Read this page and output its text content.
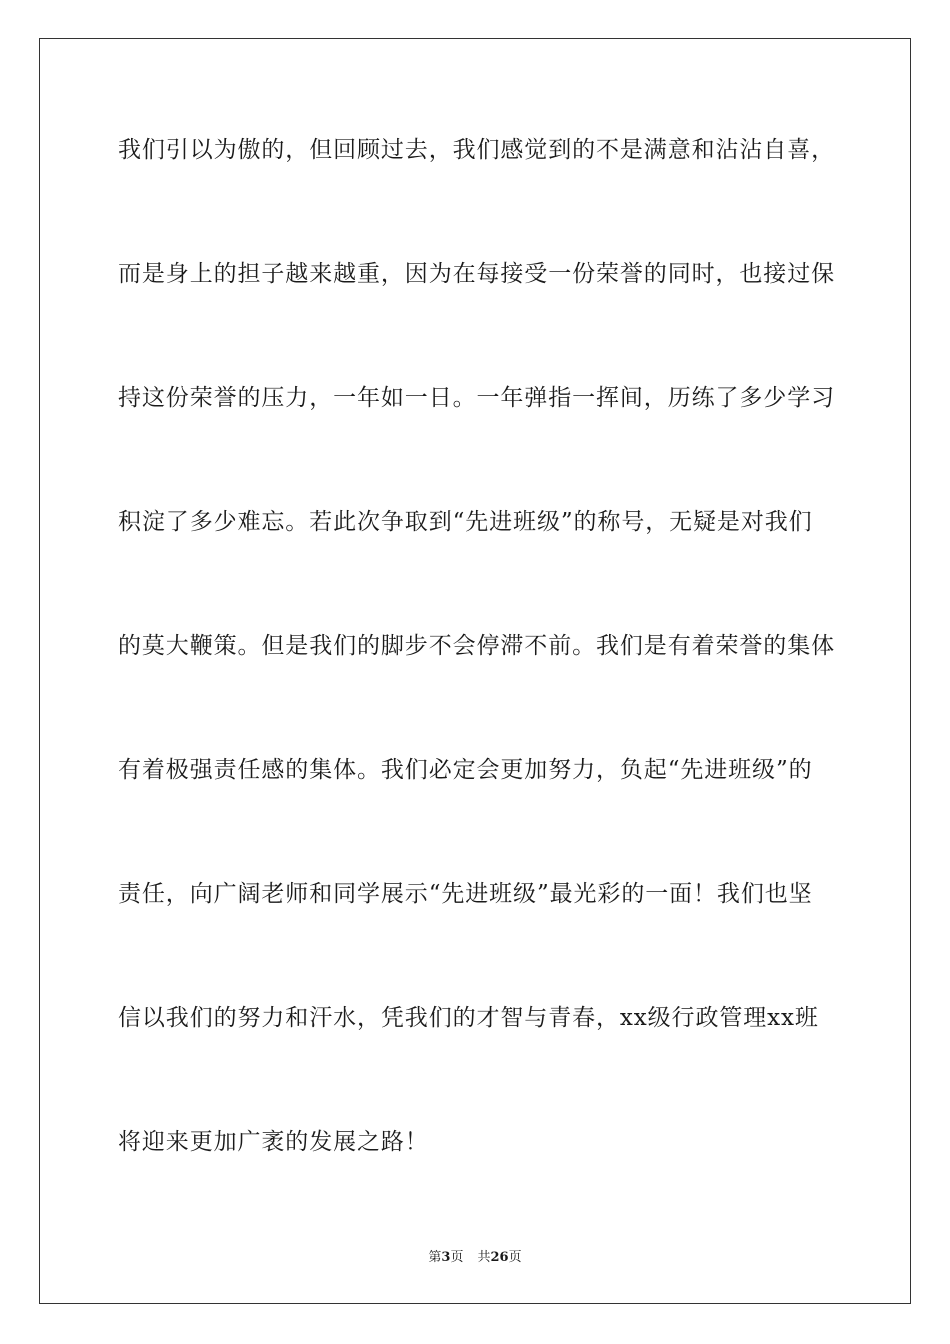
我们引以为傲的，但回顾过去，我们感觉到的不是满意和沾沾自喜，
而是身上的担子越来越重，因为在每接受一份荣誉的同时，也接过保
持这份荣誉的压力，一年如一日。一年弹指一挥间，历练了多少学习
积淀了多少难忘。若此次争取到“先进班级”的称号，无疑是对我们
的莫大鞭策。但是我们的脚步不会停滞不前。我们是有着荣誉的集体
有着极强责任感的集体。我们必定会更加努力，负起“先进班级”的
责任，向广阔老师和同学展示“先进班级”最光彩的一面！我们也坚
信以我们的努力和汗水，凭我们的才智与青春，xx级行政管理xx班
将迎来更加广袤的发展之路！
第3页 共26页
